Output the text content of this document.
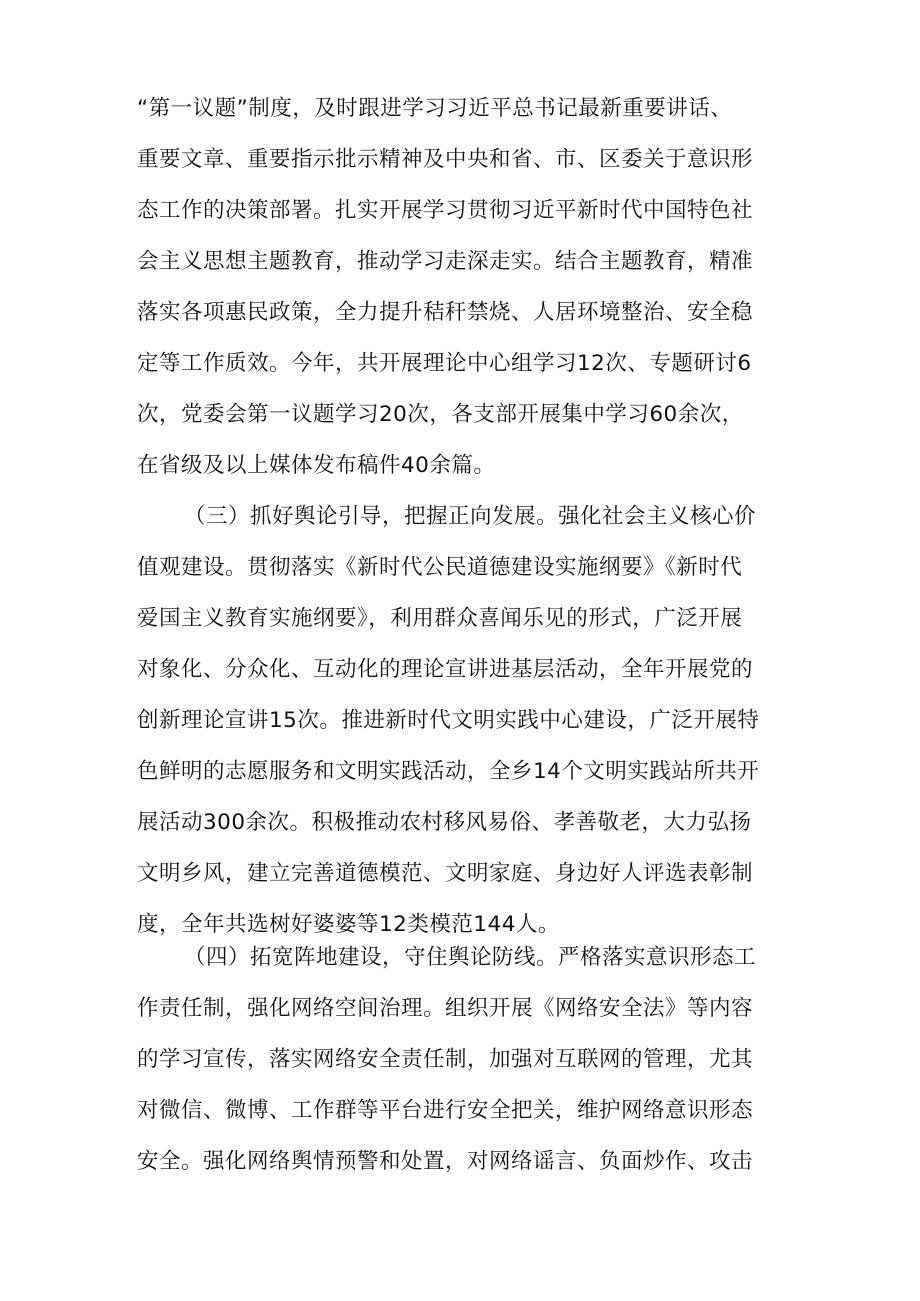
“第一议题”制度，及时跟进学习习近平总书记最新重要讲话、
重要文章、重要指示批示精神及中央和省、市、区委关于意识形
态工作的决策部署。扎实开展学习贯彻习近平新时代中国特色社
会主义思想主题教育，推动学习走深走实。结合主题教育，精准
落实各项惠民政策，全力提升秸秆禁烧、人居环境整治、安全稳
定等工作质效。今年，共开展理论中心组学习12次、专题研讨6
次，党委会第一议题学习20次，各支部开展集中学习60余次，
在省级及以上媒体发布稿件40余篇。
（三）抓好舆论引导，把握正向发展。强化社会主义核心价
值观建设。贯彻落实《新时代公民道德建设实施纲要》《新时代
爱国主义教育实施纲要》，利用群众喜闻乐见的形式，广泛开展
对象化、分众化、互动化的理论宣讲进基层活动，全年开展党的
创新理论宣讲15次。推进新时代文明实践中心建设，广泛开展特
色鲜明的志愿服务和文明实践活动，全乡14个文明实践站所共开
展活动300余次。积极推动农村移风易俗、孝善敬老，大力弘扬
文明乡风，建立完善道德模范、文明家庭、身边好人评选表彰制
度，全年共选树好婆婆等12类模范144人。
（四）拓宽阵地建设，守住舆论防线。严格落实意识形态工
作责任制，强化网络空间治理。组织开展《网络安全法》等内容
的学习宣传，落实网络安全责任制，加强对互联网的管理，尤其
对微信、微博、工作群等平台进行安全把关，维护网络意识形态
安全。强化网络舆情预警和处置，对网络谣言、负面炒作、攻击
